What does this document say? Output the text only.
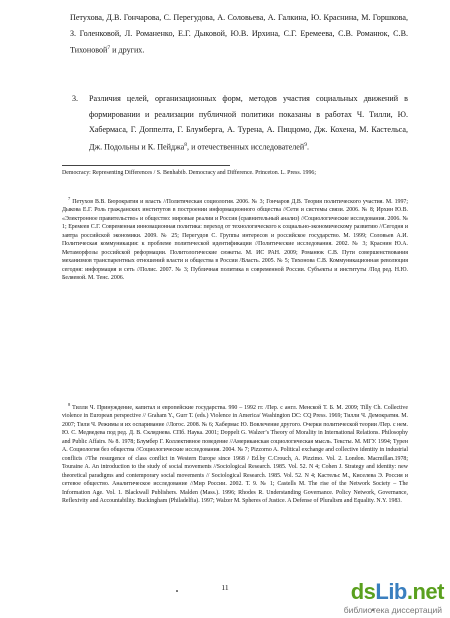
Петухова, Д.В. Гончарова, С. Перегудова, А. Соловьева, А. Галкина, Ю. Краснина, М. Горшкова, З. Голенковой, Л. Ромaненко, Е.Г. Дыковой, Ю.В. Ирхина, С.Г. Еремеева, С.В. Романюк, С.В. Тихоновой$^7$ и других.

3. Различия целей, организационных форм, методов участия социальных движений в формировании и реализации публичной политики показаны в работах Ч. Тилли, Ю. Хабермаса, Г. Доппелта, Г. Блумберга, А. Турена, А. Пиццомо, Дж. Кохена, М. Кастельса, Дж. Подольны и К. Пейджа$^8$, и отечественных исследователей$^9$.
Democracy: Representing Differences / S. Benhabib. Democracy and Difference. Princeton. L. Press. 1996;
$^7$ Петухов В.В. Бюрократия и власть //Политическая социология. 2006. № 3; Гончаров Д.В. Теория политического участия. М. 1997; Дыкова Е.Г. Роль гражданских институтов в построении информационного общества //Сети и системы связи. 2006. № 8; Ирхин Ю.В. «Электронное правительство» и общество: мировые реалии и Россия (сравнительный анализ) //Социологические исследования. 2006. № 1; Еремеев С.Г. Современная инновационная политика: переход от технологического к социально-экономическому развитию //Сегодня и завтра российской экономики. 2009. № 25; Перегудов С. Группы интересов и российское государство. М. 1999; Соловьев А.И. Политическая коммуникация: к проблеме политической идентификации //Политические исследования. 2002. № 3; Краснин Ю.А. Метаморфозы российской реформации. Политологические сюжеты. М. ИС РАН. 2009; Романюк С.В. Пути совершенствования механизмов транспарентных отношений власти и общества в России /Власть. 2005. № 5; Тихонова С.В. Коммуникационная революция сегодня: информация и сеть //Полис. 2007. № 3; Публичная политика в современной России. Субъекты и институты /Под ред. Н.Ю. Беляевой. М. Тенс. 2006.
$^8$ Тилли Ч. Принуждение, капитал и европейские государства. 990 – 1992 гг. /Пер. с англ. Менской Т. Б. М. 2009; Tilly Ch. Collective violence in European perspective // Graham Y., Gurr T. (eds.) Violence in America/ Washington DC: CQ Press. 1969; Тилли Ч. Демократия. М. 2007; Тили Ч. Режимы и их оспаривание //Логос. 2008. № 6; Хабермас Ю. Вовлечение другого. Очерки политической теории /Пер. с нем. Ю. С. Медведева под ред. Д. В. Скляднева. СПб. Наука. 2001; Doppelt G. Walzer’s Theory of Morality in International Relations. Philosophy and Public Affairs. № 8. 1978; Блумбер Г. Коллективное поведение //Американская социологическая мысль. Тексты. М. МГУ. 1994; Турен А. Социология без общества //Социологические исследования. 2004. № 7; Pizzorno A. Political exchange and collective identity in industrial conflicts //The resurgence of class conflict in Western Europe since 1968 / Ed.by C.Crouch, A. Pizzimo. Vol. 2. London. Macmillan.1978; Touraine A. An introduction to the study of social movements //Sociological Research. 1985. Vol. 52. N 4; Cohen J. Strategy and identity: new theoretical paradigms and contemporary social movements // Sociological Research. 1985. Vol. 52. N 4; Кастельс М., Киселева Э. Россия и сетевое общество. Аналитическое исследование //Мир России. 2002. Т. 9. № 1; Castells M. The rise of the Network Society – The Information Age. Vol. 1. Blackwall Publishers. Malden (Mass.). 1996; Rhodes R. Understanding Governance. Policy Network, Governance, Reflexivity and Accountability. Buckingham (Philadelfia). 1997; Walzer M. Spheres of Justice. A Defense of Pluralism and Equality. N.Y. 1983.
11	dsLib.net
библиотека диссертаций
